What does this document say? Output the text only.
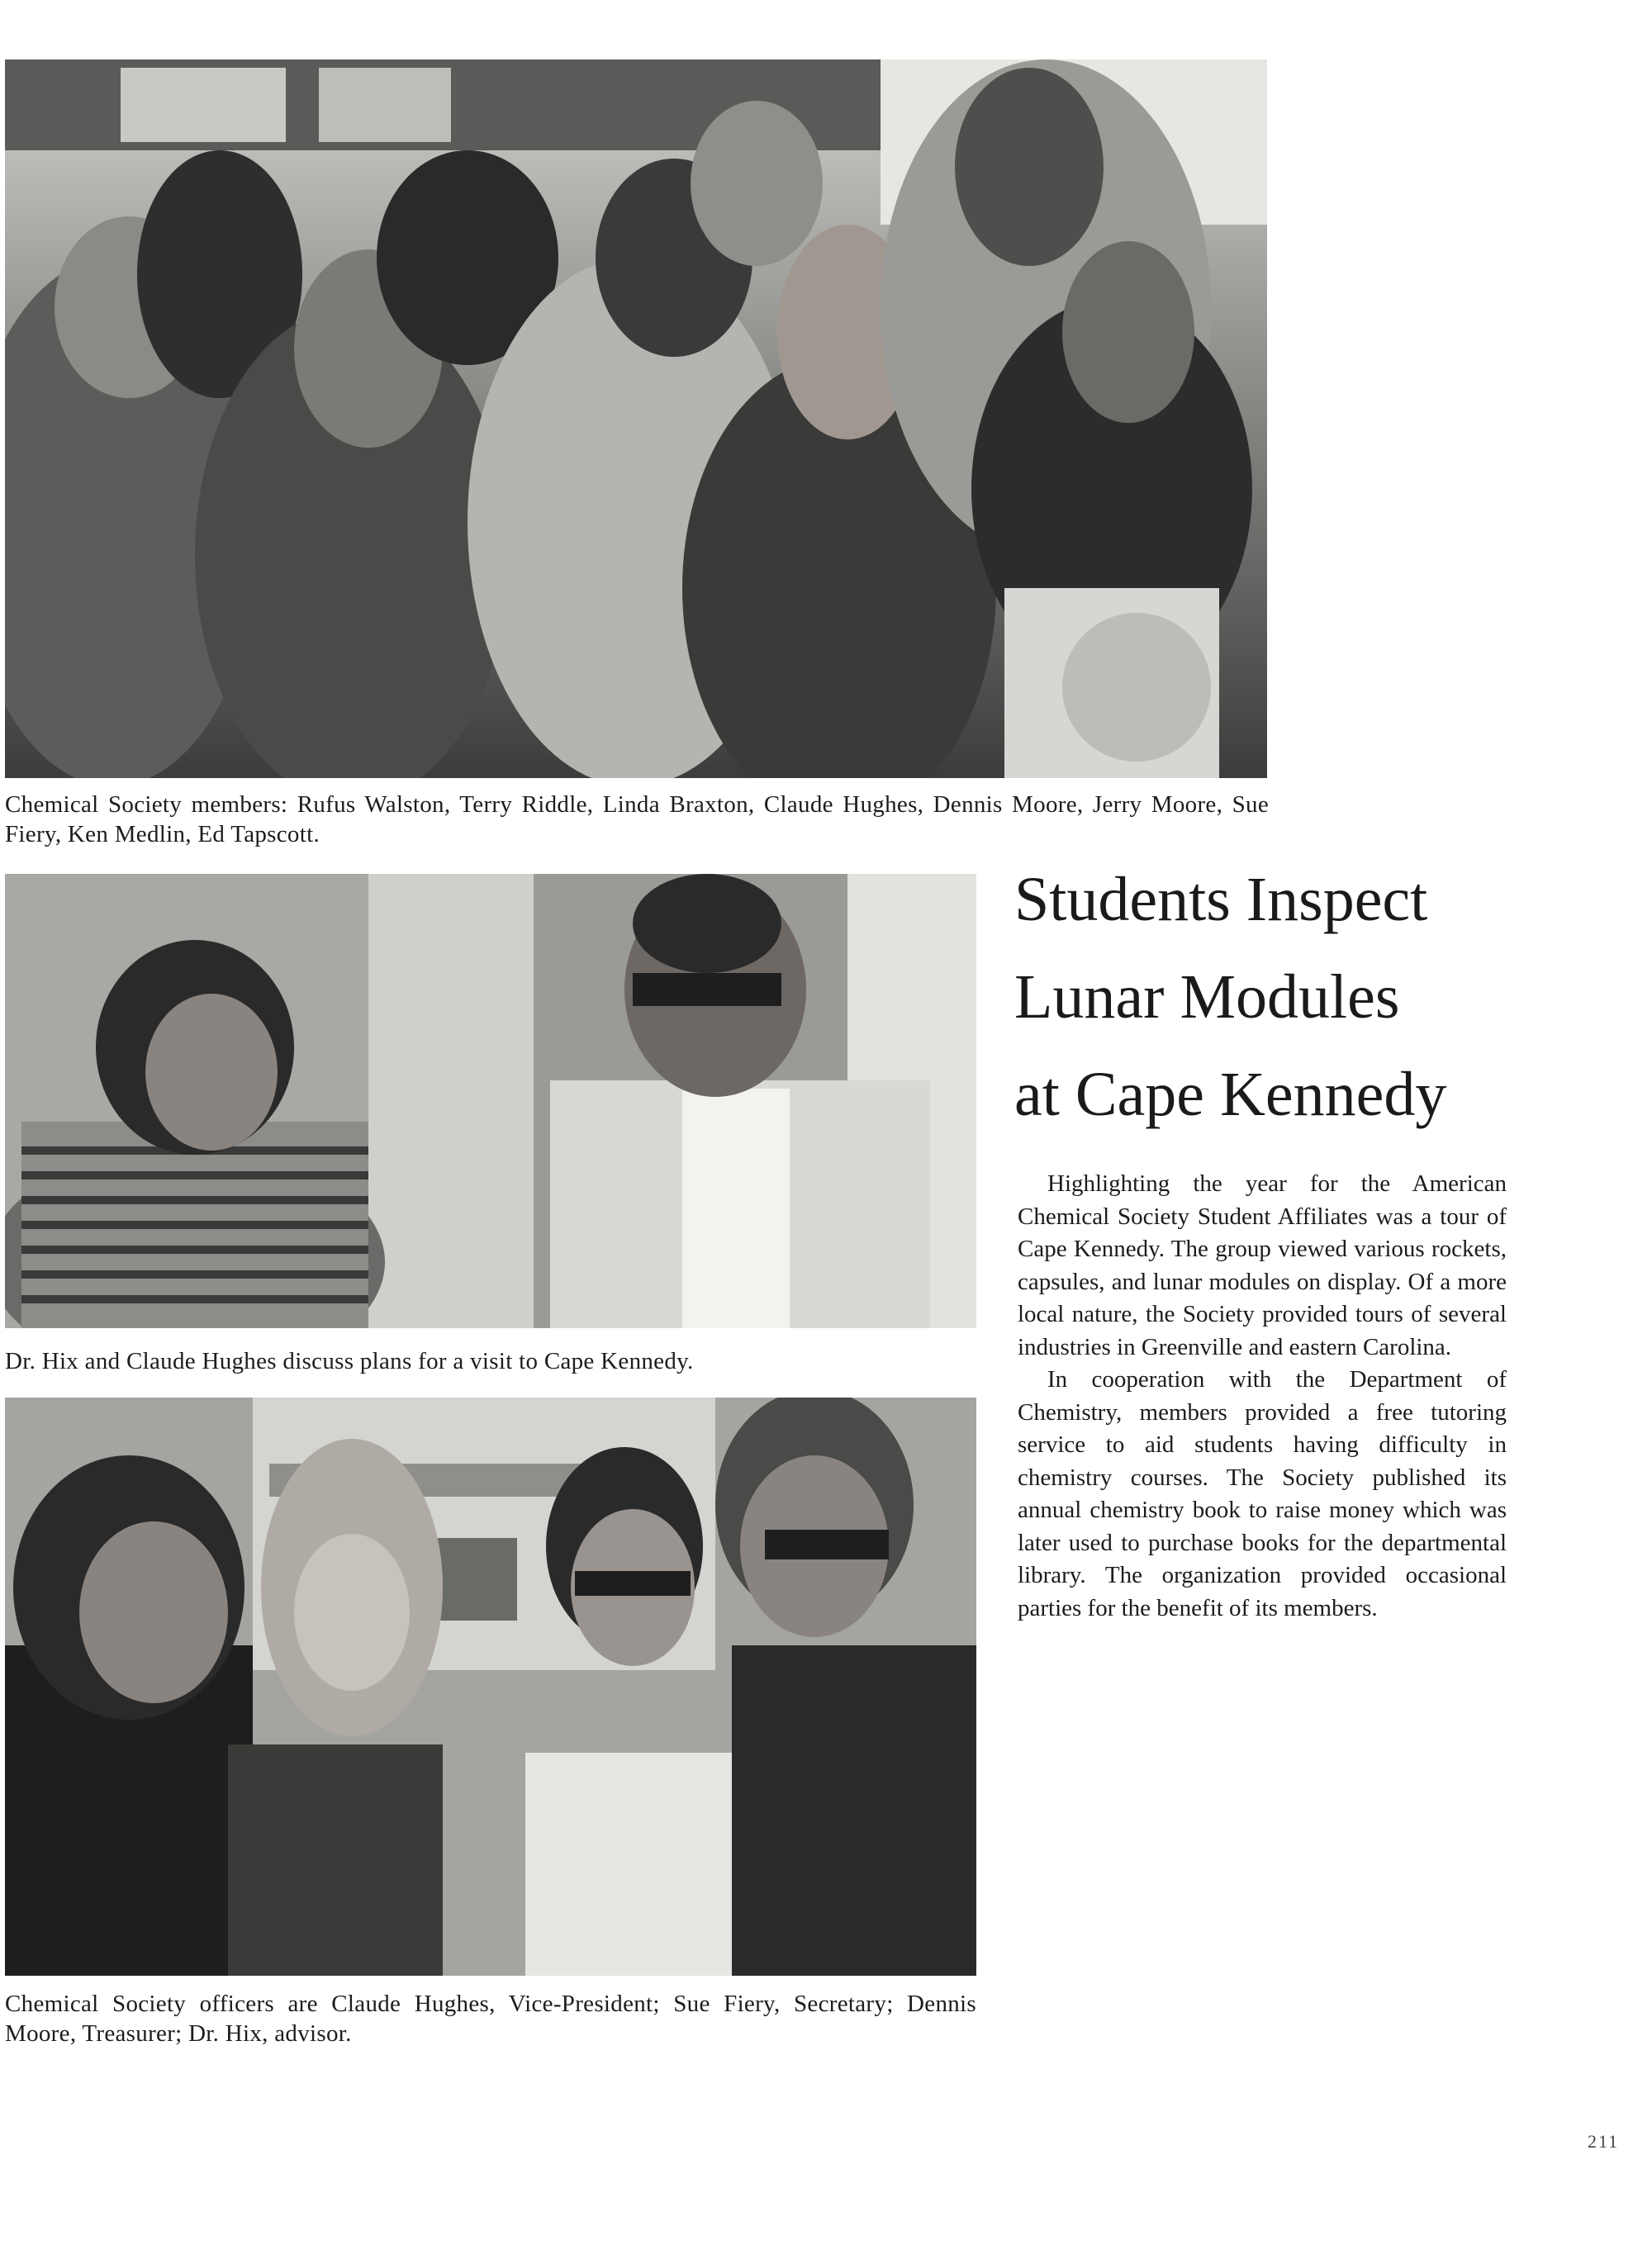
Chemical Society members: Rufus Walston, Terry Riddle, Linda Braxton, Claude Hughes, Dennis Moore, Jerry Moore, Sue Fiery, Ken Medlin, Ed Tapscott.

Dr. Hix and Claude Hughes discuss plans for a visit to Cape Kennedy.

Chemical Society officers are Claude Hughes, Vice-President; Sue Fiery, Secretary; Dennis Moore, Treasurer; Dr. Hix, advisor.

Students Inspect
Lunar Modules
at Cape Kennedy

Highlighting the year for the American Chemical Society Student Affiliates was a tour of Cape Kennedy. The group viewed various rockets, capsules, and lunar modules on display. Of a more local nature, the Society provided tours of several industries in Greenville and eastern Carolina.

In cooperation with the Department of Chemistry, members provided a free tutoring service to aid students having difficulty in chemistry courses. The Society published its annual chemistry book to raise money which was later used to purchase books for the departmental library. The organization provided occasional parties for the benefit of its members.

211
